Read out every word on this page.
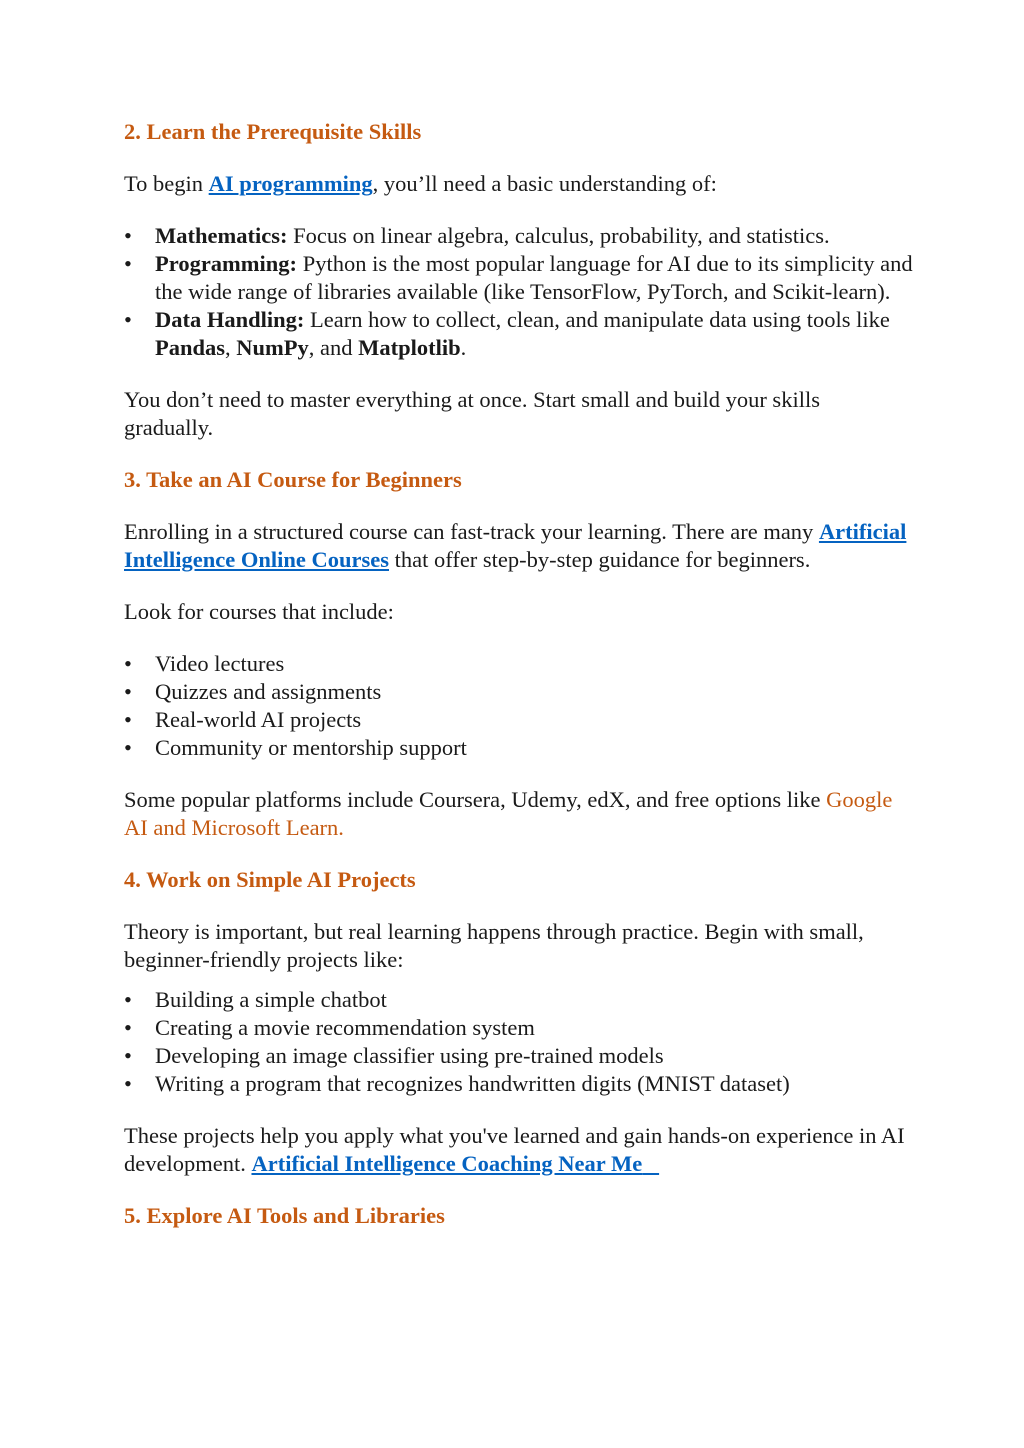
2. Learn the Prerequisite Skills

To begin AI programming, you’ll need a basic understanding of:

• Mathematics: Focus on linear algebra, calculus, probability, and statistics.
• Programming: Python is the most popular language for AI due to its simplicity and the wide range of libraries available (like TensorFlow, PyTorch, and Scikit-learn).
• Data Handling: Learn how to collect, clean, and manipulate data using tools like Pandas, NumPy, and Matplotlib.

You don’t need to master everything at once. Start small and build your skills gradually.

3. Take an AI Course for Beginners

Enrolling in a structured course can fast-track your learning. There are many Artificial Intelligence Online Courses that offer step-by-step guidance for beginners.

Look for courses that include:

• Video lectures
• Quizzes and assignments
• Real-world AI projects
• Community or mentorship support

Some popular platforms include Coursera, Udemy, edX, and free options like Google AI and Microsoft Learn.

4. Work on Simple AI Projects

Theory is important, but real learning happens through practice. Begin with small, beginner-friendly projects like:

• Building a simple chatbot
• Creating a movie recommendation system
• Developing an image classifier using pre-trained models
• Writing a program that recognizes handwritten digits (MNIST dataset)

These projects help you apply what you've learned and gain hands-on experience in AI development. Artificial Intelligence Coaching Near Me

5. Explore AI Tools and Libraries
